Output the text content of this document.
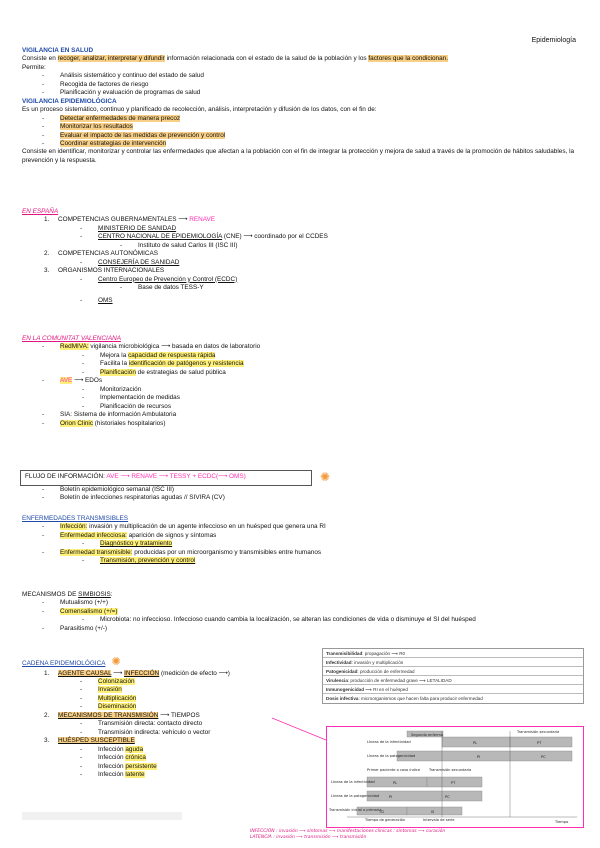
Epidemiología
VIGILANCIA EN SALUD
Consiste en recoger, analizar, interpretar y difundir información relacionada con el estado de la salud de la población y los factores que la condicionan.
Permite:
- Análisis sistemático y continuo del estado de salud
- Recogida de factores de riesgo
- Planificación y evaluación de programas de salud
VIGILANCIA EPIDEMIOLÓGICA
Es un proceso sistemático, continuo y planificado de recolección, análisis, interpretación y difusión de los datos, con el fin de:
- Detectar enfermedades de manera precoz
- Monitorizar los resultados
- Evaluar el impacto de las medidas de prevención y control
- Coordinar estrategias de intervención
Consiste en identificar, monitorizar y controlar las enfermedades que afectan a la población con el fin de integrar la protección y mejora de salud a través de la promoción de hábitos saludables, la prevención y la respuesta.
EN ESPAÑA
1. COMPETENCIAS GUBERNAMENTALES ⟶ RENAVE
- MINISTERIO DE SANIDAD
- CENTRO NACIONAL DE EPIDEMIOLOGÍA (CNE) ⟶ coordinado por el CCDES
- Instituto de salud Carlos III (ISC III)
2. COMPETENCIAS AUTONÓMICAS
- CONSEJERÍA DE SANIDAD
3. ORGANISMOS INTERNACIONALES
- Centro Europeo de Prevención y Control (ECDC)
- Base de datos TESS-Y
- OMS
EN LA COMUNITAT VALENCIANA
- RedMIVA: vigilancia microbiológica ⟶ basada en datos de laboratorio
- Mejora la capacidad de respuesta rápida
- Facilita la identificación de patógenos y resistencia
- Planificación de estrategias de salud pública
- AVE ⟶ EDOs
- Monitorización
- Implementación de medidas
- Planificación de recursos
- SIA: Sistema de información Ambulatoria
- Orion Clinic (historiales hospitalarios)
FLUJO DE INFORMACIÓN: AVE ⟶ RENAVE ⟶ TESSY + ECDC(⟶ OMS)	✺
- Boletín epidemiológico semanal (ISC III)
- Boletín de infecciones respiratorias agudas // SIVIRA (CV)
ENFERMEDADES TRANSMISIBLES
- Infección: invasión y multiplicación de un agente infeccioso en un huésped que genera una RI
- Enfermedad infecciosa: aparición de signos y síntomas
- Diagnóstico y tratamiento
- Enfermedad transmisible: producidas por un microorganismo y transmisibles entre humanos
- Transmisión, prevención y control
MECANISMOS DE SIMBIOSIS:
- Mutualismo (+/+)
- Comensalismo (+/=)
- Microbiota: no infeccioso. Infeccioso cuando cambia la localización, se alteran las condiciones de vida o disminuye el SI del huésped
- Parasitismo (+/-)
CADENA EPIDEMIOLÓGICA ✺
1. AGENTE CAUSAL ⟶ INFECCIÓN (medición de efecto ⟶)
- Colonización
- Invasión
- Multiplicación
- Diseminación
2. MECANISMOS DE TRANSMISIÓN ⟶ TIEMPOS
- Transmisión directa: contacto directo
- Transmisión indirecta: vehículo o vector
3. HUÉSPED SUSCEPTIBLE
- Infección aguda
- Infección crónica
- Infección persistente
- Infección latente
Transmisibilidad: propagación ⟶ R0
Infectividad: invasión y multiplicación
Patogenicidad: producción de enfermedad
Virulencia: producción de enfermedad grave ⟶ LETALIDAD
Inmunogenicidad ⟶ RI en el huésped
Dosis infectiva: microorganismos que hacen falta para producir enfermedad
Segundo enfermo
Transmisión secundaria
Líneas de la infectividad
Líneas de la patogenicidad
Primer paciente o caso índice Transmisión secundaria
Líneas de la infectividad
Líneas de la patogenicidad
Transmisión inicial o primaria
Tiempo de generación	Intervalo de serie	Tiempo
PL	PT
PI	PC
PL	PT
PI	PC
TG	IS
INFECCIÓN : invasión ⟶ síntomas ⟶ manifestaciones clínicas : síntomas ⟶ curación
LATENCIA : invasión ⟶ transmisión ⟶ transmisión
